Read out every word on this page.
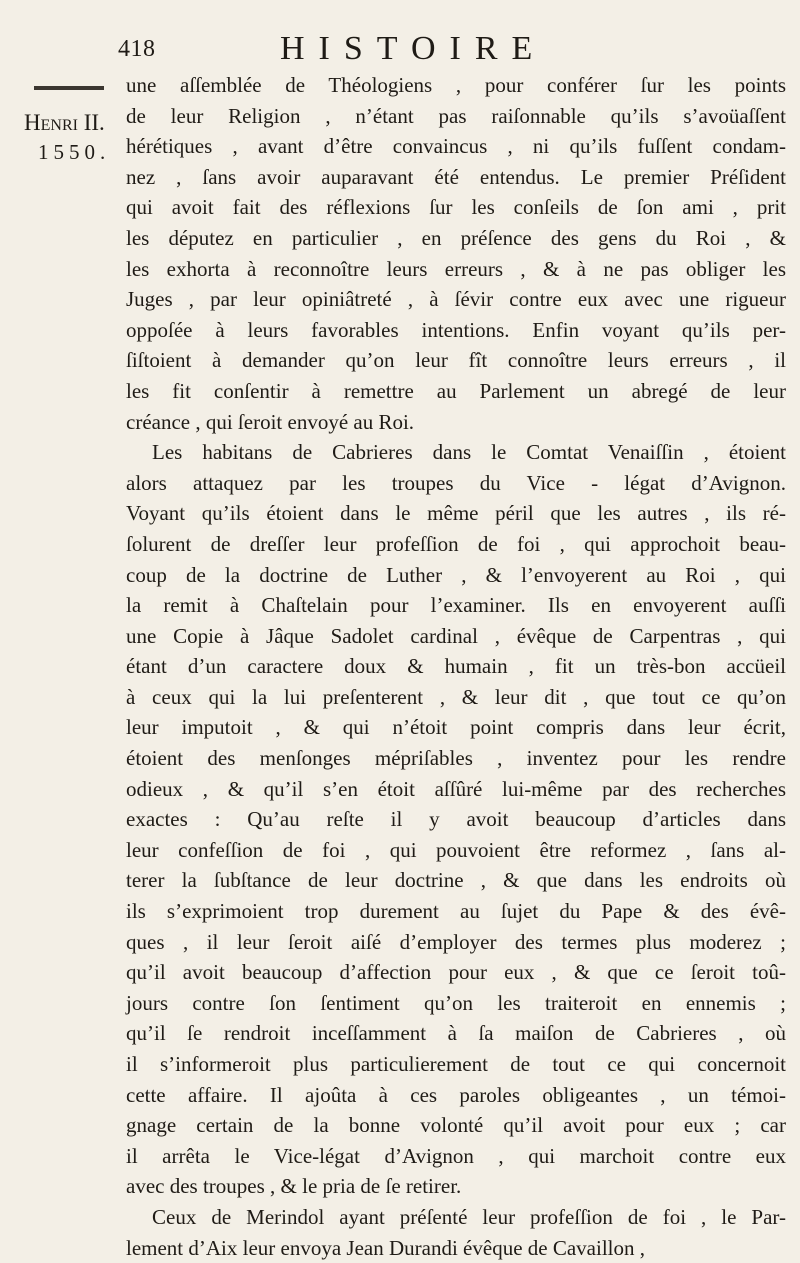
418	HISTOIRE
Henri II.
1550.
une aſſemblée de Théologiens , pour conférer ſur les points
de leur Religion , n’étant pas raiſonnable qu’ils s’avoüaſſent
hérétiques , avant d’être convaincus , ni qu’ils fuſſent condam-
nez , ſans avoir auparavant été entendus. Le premier Préſident
qui avoit fait des réflexions ſur les conſeils de ſon ami , prit
les députez en particulier , en préſence des gens du Roi , &
les exhorta à reconnoître leurs erreurs , & à ne pas obliger les
Juges , par leur opiniâtreté , à ſévir contre eux avec une rigueur
oppoſée à leurs favorables intentions. Enfin voyant qu’ils per-
ſiſtoient à demander qu’on leur fît connoître leurs erreurs , il
les fit conſentir à remettre au Parlement un abregé de leur
créance , qui ſeroit envoyé au Roi.
Les habitans de Cabrieres dans le Comtat Venaiſſin , étoient
alors attaquez par les troupes du Vice - légat d’Avignon.
Voyant qu’ils étoient dans le même péril que les autres , ils ré-
ſolurent de dreſſer leur profeſſion de foi , qui approchoit beau-
coup de la doctrine de Luther , & l’envoyerent au Roi , qui
la remit à Chaſtelain pour l’examiner. Ils en envoyerent auſſi
une Copie à Jâque Sadolet cardinal , évêque de Carpentras , qui
étant d’un caractere doux & humain , fit un très-bon accüeil
à ceux qui la lui preſenterent , & leur dit , que tout ce qu’on
leur imputoit , & qui n’étoit point compris dans leur écrit,
étoient des menſonges mépriſables , inventez pour les rendre
odieux , & qu’il s’en étoit aſſûré lui-même par des recherches
exactes : Qu’au reſte il y avoit beaucoup d’articles dans
leur confeſſion de foi , qui pouvoient être reformez , ſans al-
terer la ſubſtance de leur doctrine , & que dans les endroits où
ils s’exprimoient trop durement au ſujet du Pape & des évê-
ques , il leur ſeroit aiſé d’employer des termes plus moderez ;
qu’il avoit beaucoup d’affection pour eux , & que ce ſeroit toû-
jours contre ſon ſentiment qu’on les traiteroit en ennemis ;
qu’il ſe rendroit inceſſamment à ſa maiſon de Cabrieres , où
il s’informeroit plus particulierement de tout ce qui concernoit
cette affaire. Il ajoûta à ces paroles obligeantes , un témoi-
gnage certain de la bonne volonté qu’il avoit pour eux ; car
il arrêta le Vice-légat d’Avignon , qui marchoit contre eux
avec des troupes , & le pria de ſe retirer.
Ceux de Merindol ayant préſenté leur profeſſion de foi , le Par-
lement d’Aix leur envoya Jean Durandi évêque de Cavaillon ,
